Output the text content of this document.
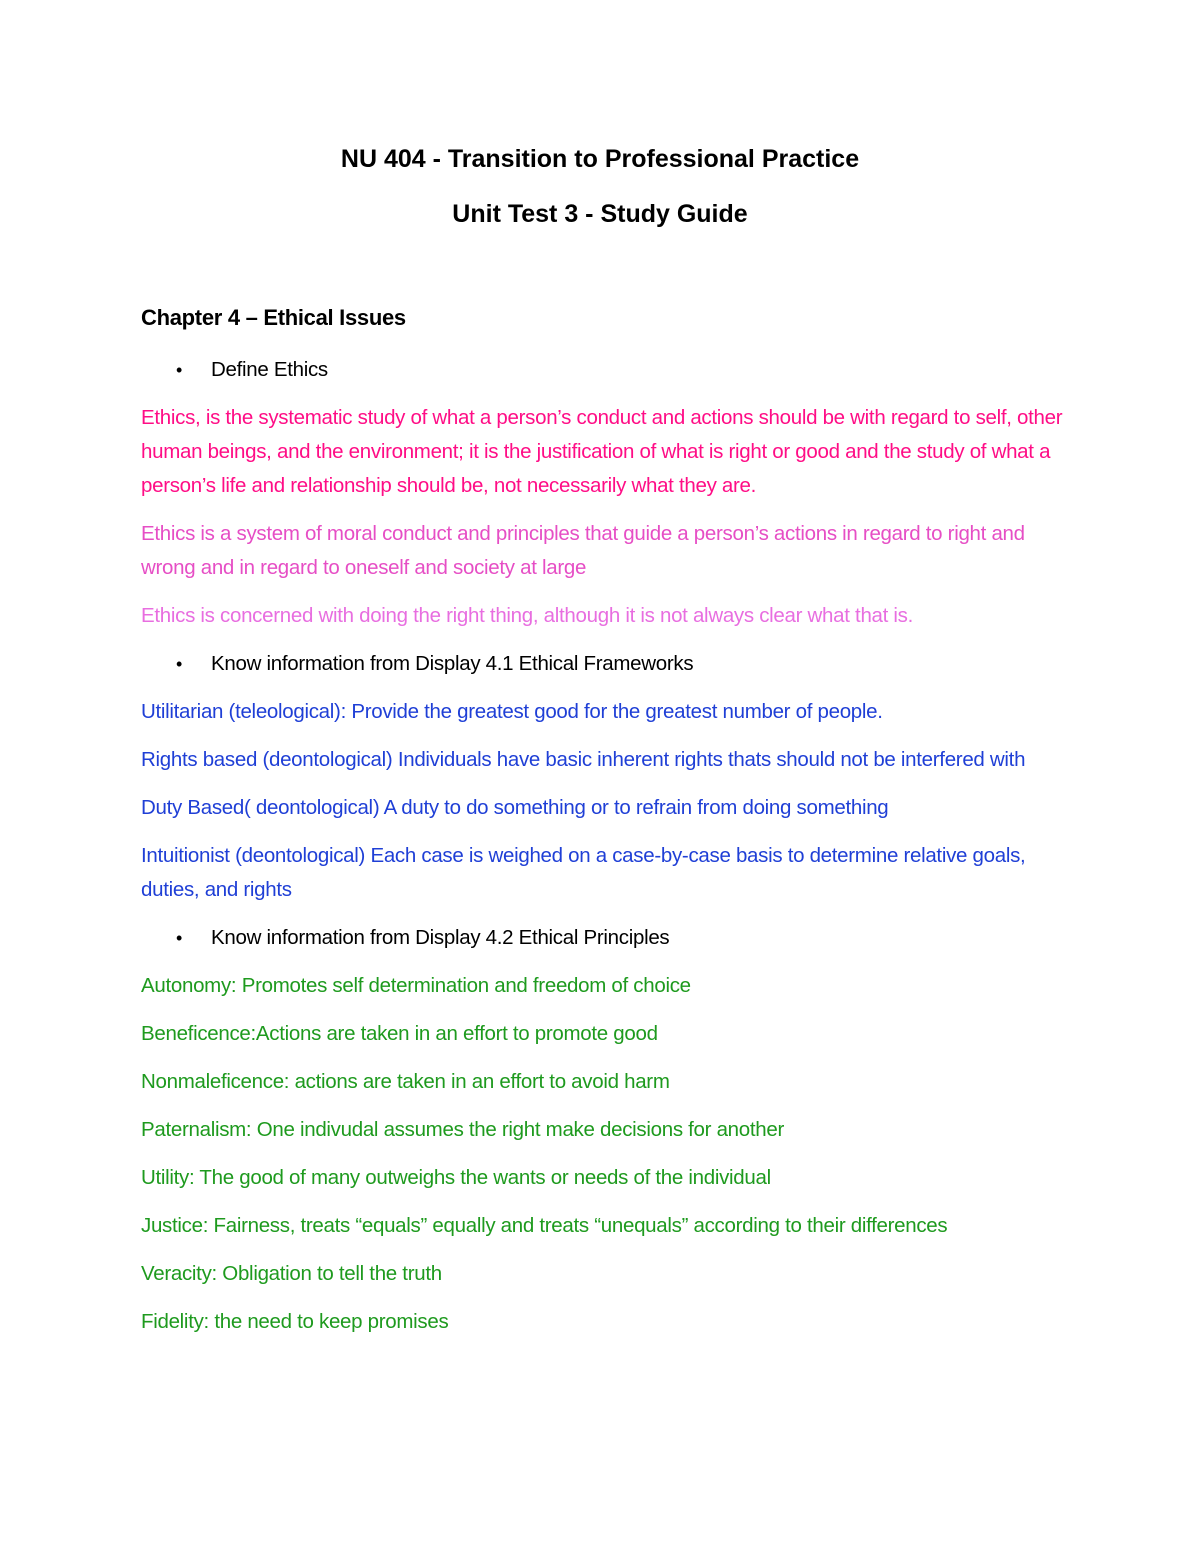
NU 404 - Transition to Professional Practice
Unit Test 3 - Study Guide
Chapter 4 – Ethical Issues
• Define Ethics

Ethics, is the systematic study of what a person’s conduct and actions should be with regard to self, other human beings, and the environment; it is the justification of what is right or good and the study of what a person’s life and relationship should be, not necessarily what they are.

Ethics is a system of moral conduct and principles that guide a person’s actions in regard to right and wrong and in regard to oneself and society at large

Ethics is concerned with doing the right thing, although it is not always clear what that is.

• Know information from Display 4.1 Ethical Frameworks

Utilitarian (teleological): Provide the greatest good for the greatest number of people.

Rights based (deontological) Individuals have basic inherent rights thats should not be interfered with

Duty Based( deontological) A duty to do something or to refrain from doing something

Intuitionist (deontological) Each case is weighed on a case-by-case basis to determine relative goals, duties, and rights

• Know information from Display 4.2 Ethical Principles

Autonomy: Promotes self determination and freedom of choice

Beneficence:Actions are taken in an effort to promote good

Nonmaleficence: actions are taken in an effort to avoid harm

Paternalism: One indivudal assumes the right make decisions for another

Utility: The good of many outweighs the wants or needs of the individual

Justice: Fairness, treats “equals” equally and treats “unequals” according to their differences

Veracity: Obligation to tell the truth

Fidelity: the need to keep promises
